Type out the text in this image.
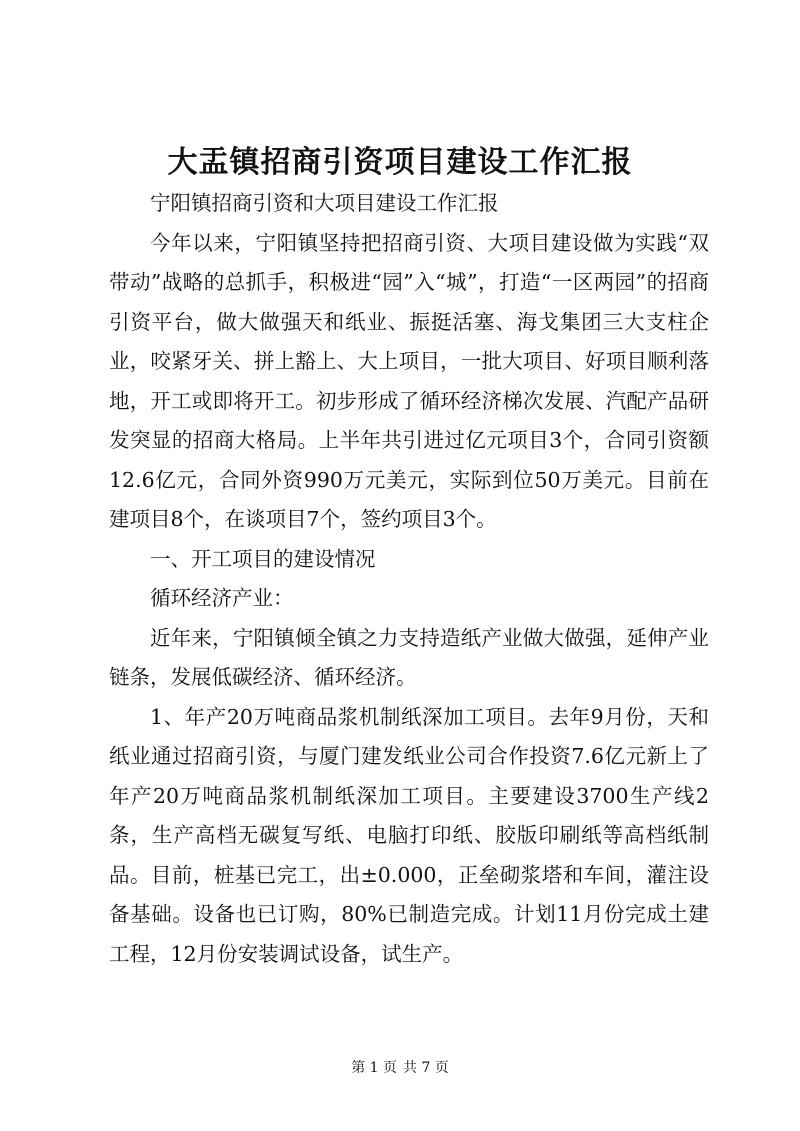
大盂镇招商引资项目建设工作汇报

宁阳镇招商引资和大项目建设工作汇报

今年以来，宁阳镇坚持把招商引资、大项目建设做为实践“双带动”战略的总抓手，积极进“园”入“城”，打造“一区两园”的招商引资平台，做大做强天和纸业、振挺活塞、海戈集团三大支柱企业，咬紧牙关、拼上豁上、大上项目，一批大项目、好项目顺利落地，开工或即将开工。初步形成了循环经济梯次发展、汽配产品研发突显的招商大格局。上半年共引进过亿元项目3个，合同引资额12.6亿元，合同外资990万元美元，实际到位50万美元。目前在建项目8个，在谈项目7个，签约项目3个。

一、开工项目的建设情况

循环经济产业：

近年来，宁阳镇倾全镇之力支持造纸产业做大做强，延伸产业链条，发展低碳经济、循环经济。

1、年产20万吨商品浆机制纸深加工项目。去年9月份，天和纸业通过招商引资，与厦门建发纸业公司合作投资7.6亿元新上了年产20万吨商品浆机制纸深加工项目。主要建设3700生产线2条，生产高档无碳复写纸、电脑打印纸、胶版印刷纸等高档纸制品。目前，桩基已完工，出±0.000，正垒砌浆塔和车间，灌注设备基础。设备也已订购，80%已制造完成。计划11月份完成土建工程，12月份安装调试设备，试生产。

第 1 页 共 7 页
